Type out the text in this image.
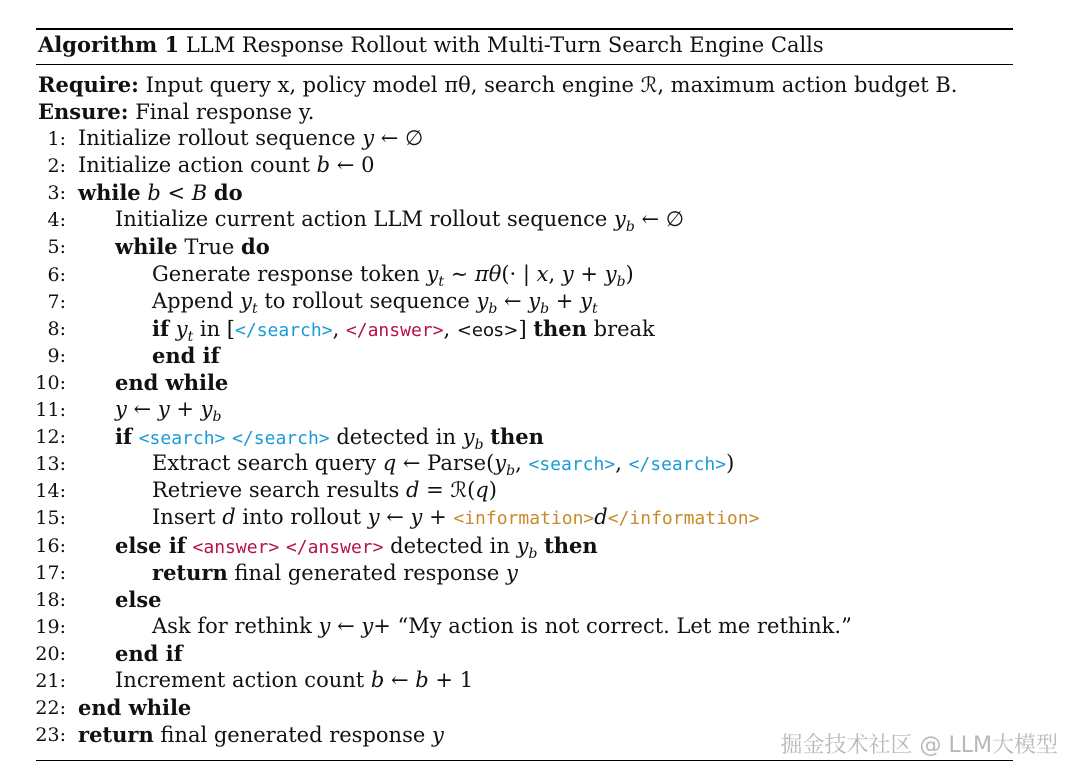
Algorithm 1 LLM Response Rollout with Multi-Turn Search Engine Calls
Require: Input query x, policy model πθ, search engine ℛ, maximum action budget B.
Ensure: Final response y.
1: Initialize rollout sequence y ← ∅
2: Initialize action count b ← 0
3: while b < B do
4: Initialize current action LLM rollout sequence $y_b$ ← ∅
5: while True do
6:	Generate response token $y_t$ ∼ πθ(· | x, $y + y_b$)
7:	Append $y_t$ to rollout sequence $y_b$ ← $y_b + y_t$
8:	if $y_t$ in [</search>, </answer>, <eos>] then break
9:	end if
10: end while
11: y ← $y + y_b$
12: if <search> </search> detected in $y_b$ then
13:	Extract search query q ← $Parse(y_b$, <search>, </search>)
14:	Retrieve search results d = ℛ(q)
15:	Insert d into rollout y ← y + <information>d</information>
16: else if <answer> </answer> detected in $y_b$ then
17:	return final generated response y
18: else
19:	Ask for rethink y ← y+ “My action is not correct. Let me rethink.”
20: end if
21: Increment action count b ← b + 1
22: end while
23: return final generated response y	掘金技术社区 @ LLM大模型
